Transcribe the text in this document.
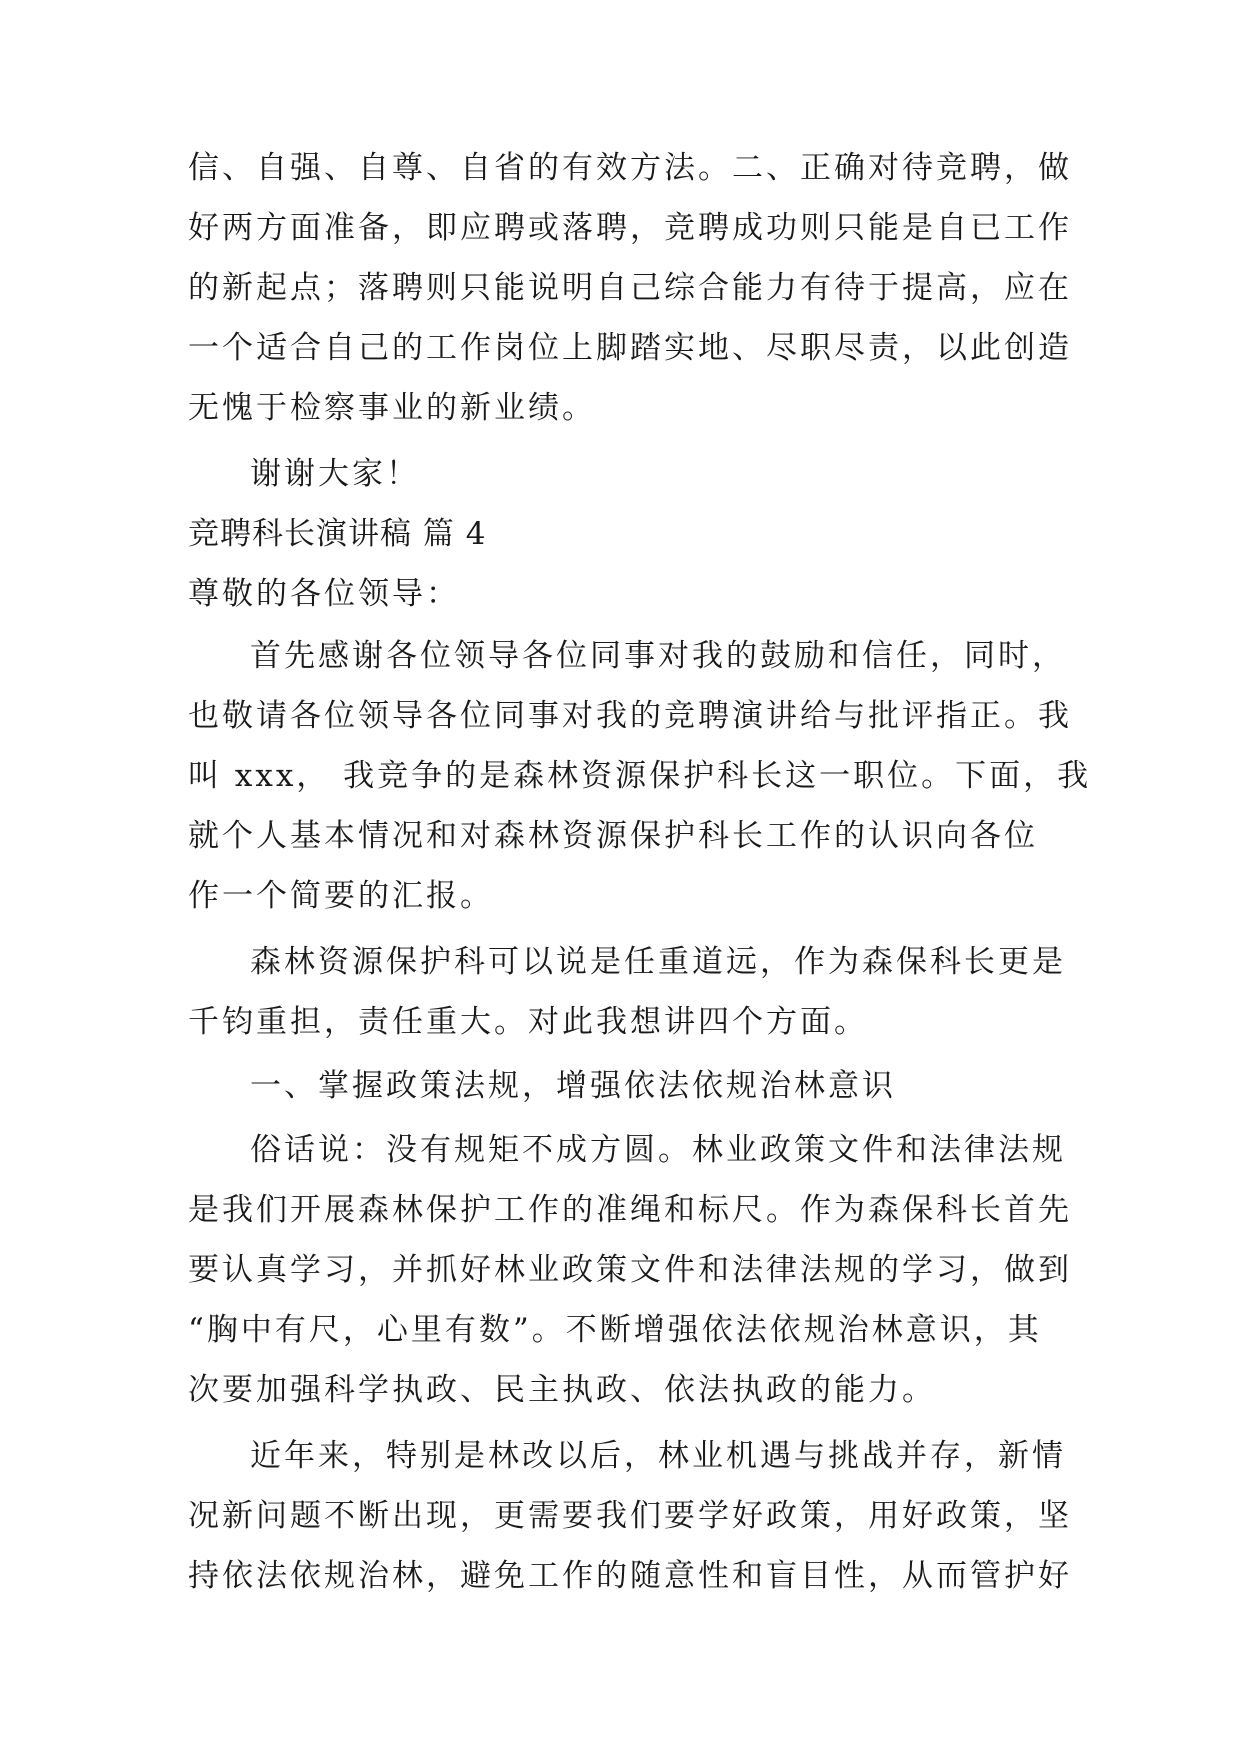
信、自强、自尊、自省的有效方法。二、正确对待竞聘，做
好两方面准备，即应聘或落聘，竞聘成功则只能是自已工作
的新起点；落聘则只能说明自己综合能力有待于提高，应在
一个适合自己的工作岗位上脚踏实地、尽职尽责，以此创造
无愧于检察事业的新业绩。
谢谢大家！
竞聘科长演讲稿 篇 4
尊敬的各位领导：
首先感谢各位领导各位同事对我的鼓励和信任，同时，
也敬请各位领导各位同事对我的竞聘演讲给与批评指正。我
叫 xxx， 我竞争的是森林资源保护科长这一职位。下面，我
就个人基本情况和对森林资源保护科长工作的认识向各位
作一个简要的汇报。
森林资源保护科可以说是任重道远，作为森保科长更是
千钧重担，责任重大。对此我想讲四个方面。
一、掌握政策法规，增强依法依规治林意识
俗话说：没有规矩不成方圆。林业政策文件和法律法规
是我们开展森林保护工作的准绳和标尺。作为森保科长首先
要认真学习，并抓好林业政策文件和法律法规的学习，做到
“胸中有尺，心里有数”。不断增强依法依规治林意识，其
次要加强科学执政、民主执政、依法执政的能力。
近年来，特别是林改以后，林业机遇与挑战并存，新情
况新问题不断出现，更需要我们要学好政策，用好政策，坚
持依法依规治林，避免工作的随意性和盲目性，从而管护好
